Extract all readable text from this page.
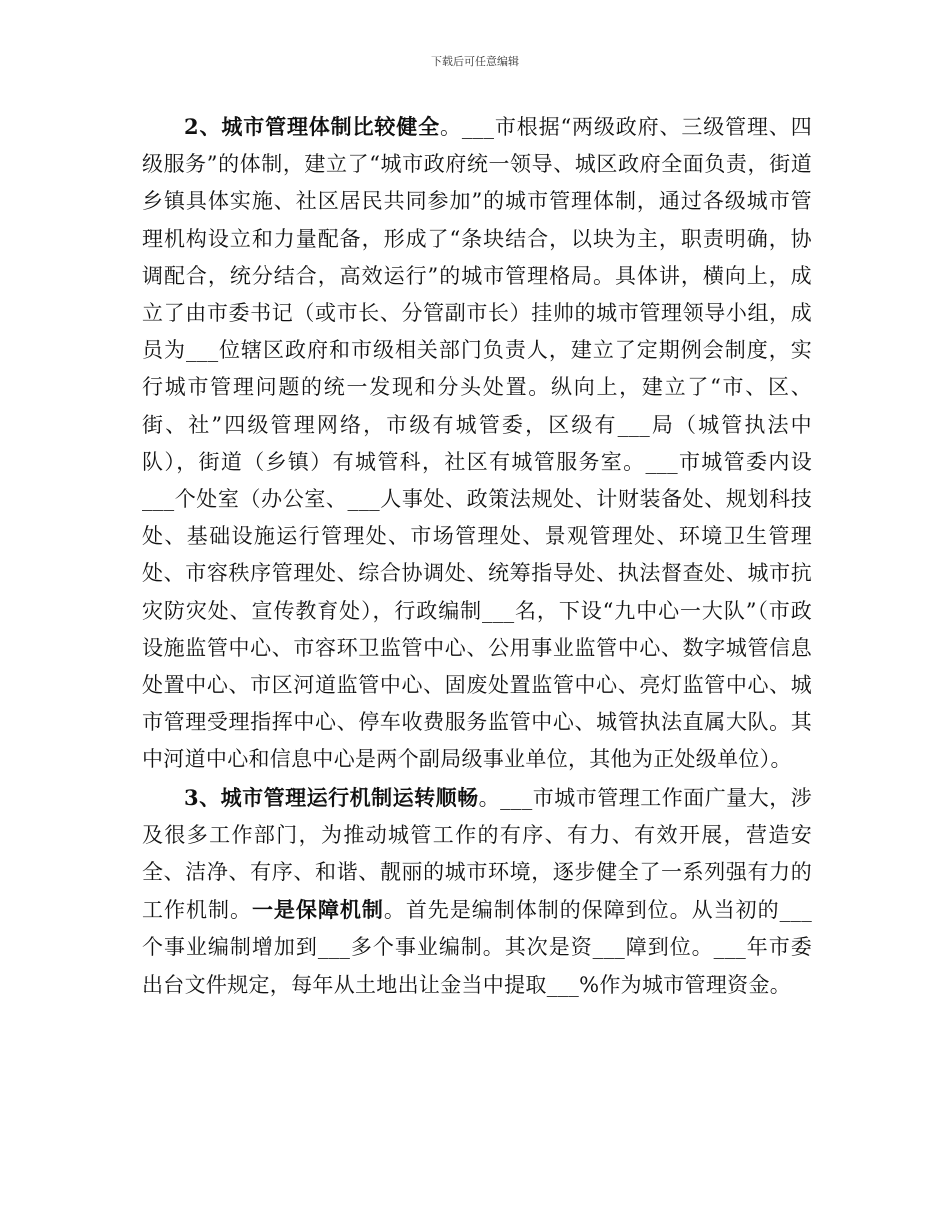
下载后可任意编辑

2、城市管理体制比较健全。___市根据“两级政府、三级管理、四级服务”的体制，建立了“城市政府统一领导、城区政府全面负责，街道乡镇具体实施、社区居民共同参加”的城市管理体制，通过各级城市管理机构设立和力量配备，形成了“条块结合，以块为主，职责明确，协调配合，统分结合，高效运行”的城市管理格局。具体讲，横向上，成立了由市委书记（或市长、分管副市长）挂帅的城市管理领导小组，成员为___位辖区政府和市级相关部门负责人，建立了定期例会制度，实行城市管理问题的统一发现和分头处置。纵向上，建立了“市、区、街、社”四级管理网络，市级有城管委，区级有___局（城管执法中队），街道（乡镇）有城管科，社区有城管服务室。___市城管委内设___个处室（办公室、___人事处、政策法规处、计财装备处、规划科技处、基础设施运行管理处、市场管理处、景观管理处、环境卫生管理处、市容秩序管理处、综合协调处、统筹指导处、执法督查处、城市抗灾防灾处、宣传教育处），行政编制___名，下设“九中心一大队”（市政设施监管中心、市容环卫监管中心、公用事业监管中心、数字城管信息处置中心、市区河道监管中心、固废处置监管中心、亮灯监管中心、城市管理受理指挥中心、停车收费服务监管中心、城管执法直属大队。其中河道中心和信息中心是两个副局级事业单位，其他为正处级单位）。

3、城市管理运行机制运转顺畅。___市城市管理工作面广量大，涉及很多工作部门，为推动城管工作的有序、有力、有效开展，营造安全、洁净、有序、和谐、靓丽的城市环境，逐步健全了一系列强有力的工作机制。一是保障机制。首先是编制体制的保障到位。从当初的___个事业编制增加到___多个事业编制。其次是资___障到位。___年市委出台文件规定，每年从土地出让金当中提取___%作为城市管理资金。
